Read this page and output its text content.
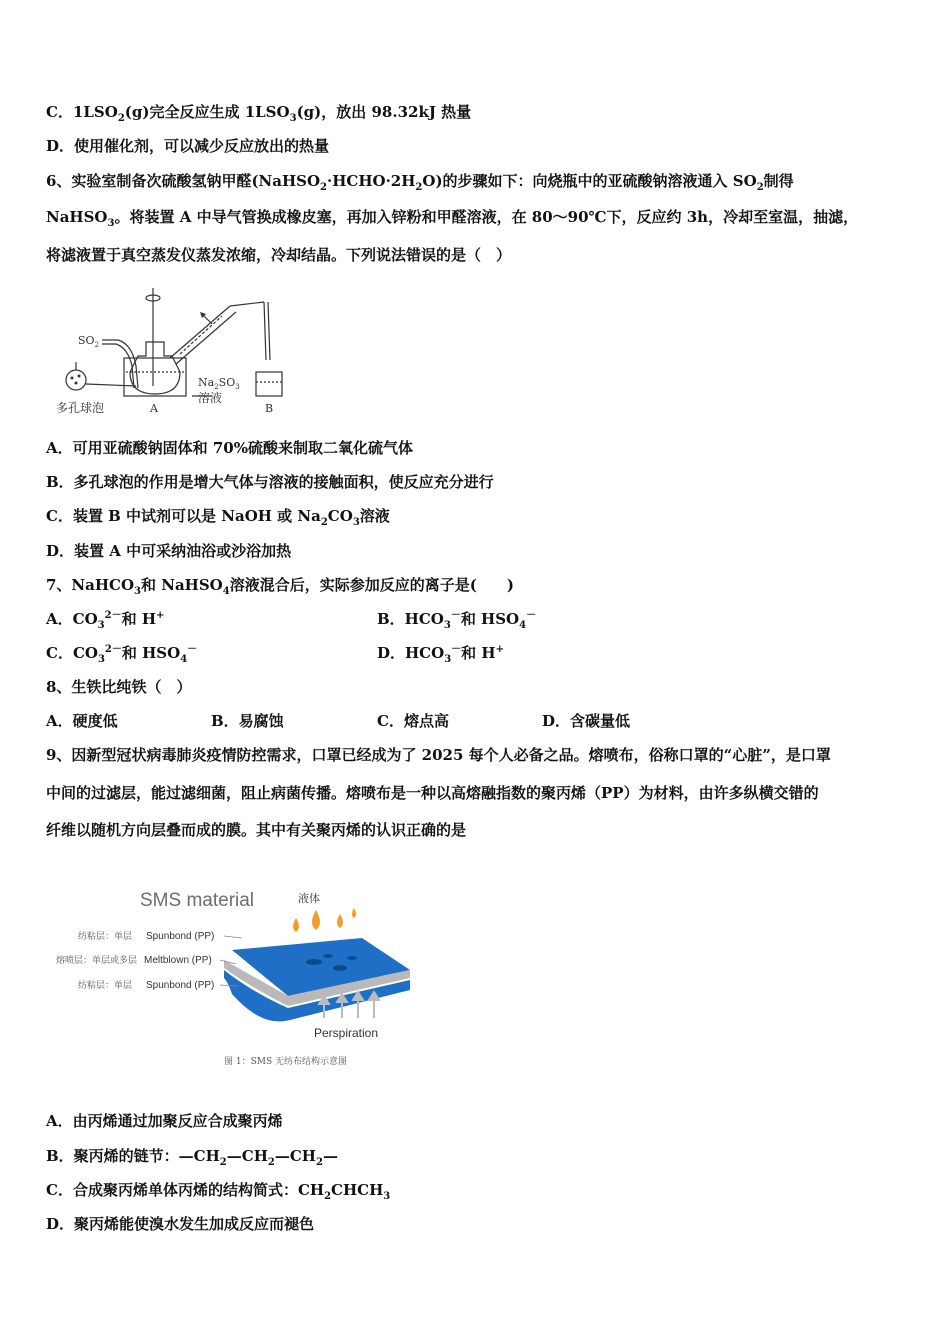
C．$1LSO_2(g)$完全反应生成 $1LSO_3(g)$，放出 98.32kJ 热量
D．使用催化剂，可以减少反应放出的热量
6、实验室制备次硫酸氢钠甲醛$(NaHSO_2\cdot HCHO\cdot 2H_2O)$的步骤如下：向烧瓶中的亚硫酸钠溶液通入 $SO_2$制得
NaHSO$_3$。将装置 A 中导气管换成橡皮塞，再加入锌粉和甲醛溶液，在 80～90℃下，反应约 3h，冷却至室温，抽滤，
将滤液置于真空蒸发仪蒸发浓缩，冷却结晶。下列说法错误的是（　）
$SO_2$
$Na_2SO_3$
溶液
多孔球泡	A	B
A．可用亚硫酸钠固体和 70%硫酸来制取二氧化硫气体
B．多孔球泡的作用是增大气体与溶液的接触面积，使反应充分进行
C．装置 B 中试剂可以是 NaOH 或 $Na_2CO_3$溶液
D．装置 A 中可采纳油浴或沙浴加热
7、NaHCO$_3$和 NaHSO$_4$溶液混合后，实际参加反应的离子是(　　)
A．$CO_3^{2-}$和 H+	B．$HCO_3^-$和 $HSO_4^-$
C．$CO_3^{2-}$和 $HSO_4^-$	D．$HCO_3^-$和 H+
8、生铁比纯铁（　）
A．硬度低	B．易腐蚀	C．熔点高	D．含碳量低
9、因新型冠状病毒肺炎疫情防控需求，口罩已经成为了 2025 每个人必备之品。熔喷布，俗称口罩的“心脏”，是口罩
中间的过滤层，能过滤细菌，阻止病菌传播。熔喷布是一种以高熔融指数的聚丙烯（PP）为材料，由许多纵横交错的
纤维以随机方向层叠而成的膜。其中有关聚丙烯的认识正确的是
SMS material	液体
纺粘层：单层 Spunbond (PP)
熔喷层：单层或多层 Meltblown (PP)
纺粘层：单层 Spunbond (PP)
Perspiration
图 1：SMS 无纺布结构示意图
A．由丙烯通过加聚反应合成聚丙烯
B．聚丙烯的链节：$—CH_2—CH_2—CH_2—$
C．合成聚丙烯单体丙烯的结构简式：$CH_2CHCH_3$
D．聚丙烯能使溴水发生加成反应而褪色
